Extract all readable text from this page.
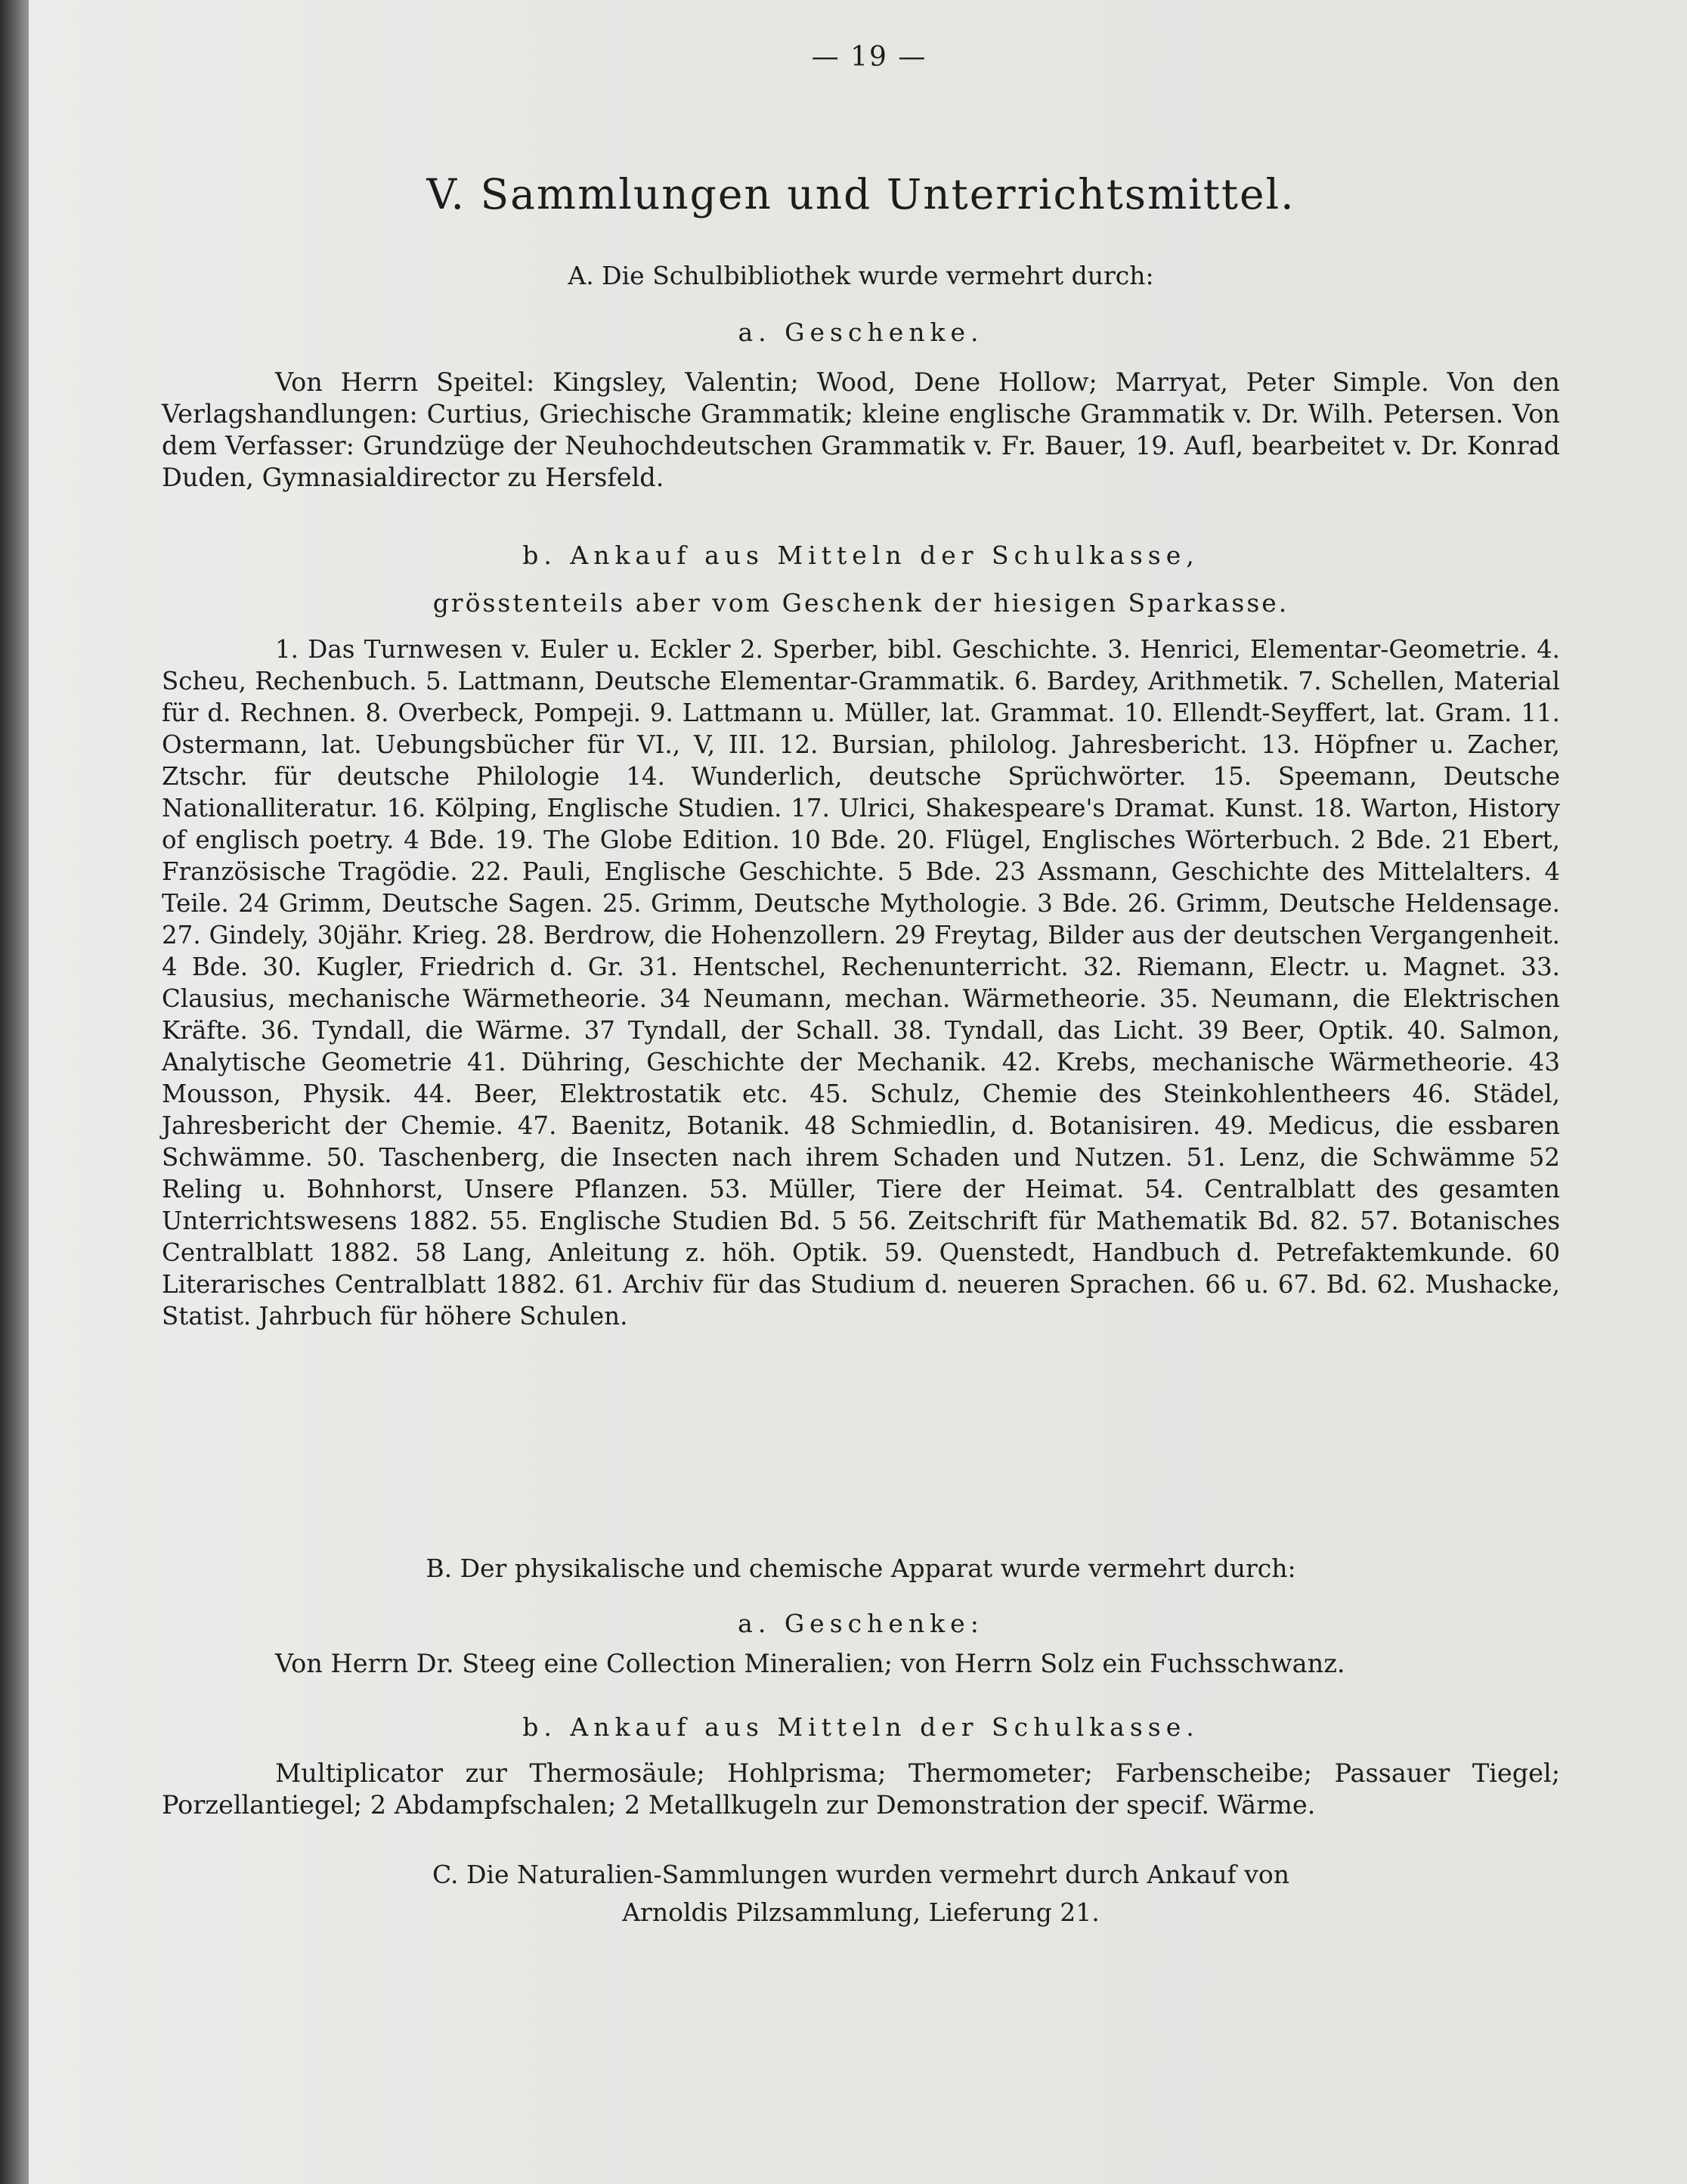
— 19 —
V. Sammlungen und Unterrichtsmittel.
A. Die Schulbibliothek wurde vermehrt durch:
a. Geschenke.
Von Herrn Speitel: Kingsley, Valentin; Wood, Dene Hollow; Marryat, Peter Simple. Von den Verlagshandlungen: Curtius, Griechische Grammatik; kleine englische Grammatik v. Dr. Wilh. Petersen. Von dem Verfasser: Grundzüge der Neuhochdeutschen Grammatik v. Fr. Bauer, 19. Aufl, bearbeitet v. Dr. Konrad Duden, Gymnasialdirector zu Hersfeld.
b. Ankauf aus Mitteln der Schulkasse,
grösstenteils aber vom Geschenk der hiesigen Sparkasse.
1. Das Turnwesen v. Euler u. Eckler 2. Sperber, bibl. Geschichte. 3. Henrici, Elementar-Geometrie. 4. Scheu, Rechenbuch. 5. Lattmann, Deutsche Elementar-Grammatik. 6. Bardey, Arithmetik. 7. Schellen, Material für d. Rechnen. 8. Overbeck, Pompeji. 9. Lattmann u. Müller, lat. Grammat. 10. Ellendt-Seyffert, lat. Gram. 11. Ostermann, lat. Uebungsbücher für VI., V, III. 12. Bursian, philolog. Jahresbericht. 13. Höpfner u. Zacher, Ztschr. für deutsche Philologie 14. Wunderlich, deutsche Sprüchwörter. 15. Speemann, Deutsche Nationalliteratur. 16. Kölping, Englische Studien. 17. Ulrici, Shakespeare's Dramat. Kunst. 18. Warton, History of englisch poetry. 4 Bde. 19. The Globe Edition. 10 Bde. 20. Flügel, Englisches Wörterbuch. 2 Bde. 21 Ebert, Französische Tragödie. 22. Pauli, Englische Geschichte. 5 Bde. 23 Assmann, Geschichte des Mittelalters. 4 Teile. 24 Grimm, Deutsche Sagen. 25. Grimm, Deutsche Mythologie. 3 Bde. 26. Grimm, Deutsche Heldensage. 27. Gindely, 30jähr. Krieg. 28. Berdrow, die Hohenzollern. 29 Freytag, Bilder aus der deutschen Vergangenheit. 4 Bde. 30. Kugler, Friedrich d. Gr. 31. Hentschel, Rechenunterricht. 32. Riemann, Electr. u. Magnet. 33. Clausius, mechanische Wärmetheorie. 34 Neumann, mechan. Wärmetheorie. 35. Neumann, die Elektrischen Kräfte. 36. Tyndall, die Wärme. 37 Tyndall, der Schall. 38. Tyndall, das Licht. 39 Beer, Optik. 40. Salmon, Analytische Geometrie 41. Dühring, Geschichte der Mechanik. 42. Krebs, mechanische Wärmetheorie. 43 Mousson, Physik. 44. Beer, Elektrostatik etc. 45. Schulz, Chemie des Steinkohlentheers 46. Städel, Jahresbericht der Chemie. 47. Baenitz, Botanik. 48 Schmiedlin, d. Botanisiren. 49. Medicus, die essbaren Schwämme. 50. Taschenberg, die Insecten nach ihrem Schaden und Nutzen. 51. Lenz, die Schwämme 52 Reling u. Bohnhorst, Unsere Pflanzen. 53. Müller, Tiere der Heimat. 54. Centralblatt des gesamten Unterrichtswesens 1882. 55. Englische Studien Bd. 5 56. Zeitschrift für Mathematik Bd. 82. 57. Botanisches Centralblatt 1882. 58 Lang, Anleitung z. höh. Optik. 59. Quenstedt, Handbuch d. Petrefaktemkunde. 60 Literarisches Centralblatt 1882. 61. Archiv für das Studium d. neueren Sprachen. 66 u. 67. Bd. 62. Mushacke, Statist. Jahrbuch für höhere Schulen.
B. Der physikalische und chemische Apparat wurde vermehrt durch:
a. Geschenke:
Von Herrn Dr. Steeg eine Collection Mineralien; von Herrn Solz ein Fuchsschwanz.
b. Ankauf aus Mitteln der Schulkasse.
Multiplicator zur Thermosäule; Hohlprisma; Thermometer; Farbenscheibe; Passauer Tiegel; Porzellantiegel; 2 Abdampfschalen; 2 Metallkugeln zur Demonstration der specif. Wärme.
C. Die Naturalien-Sammlungen wurden vermehrt durch Ankauf von
Arnoldis Pilzsammlung, Lieferung 21.
